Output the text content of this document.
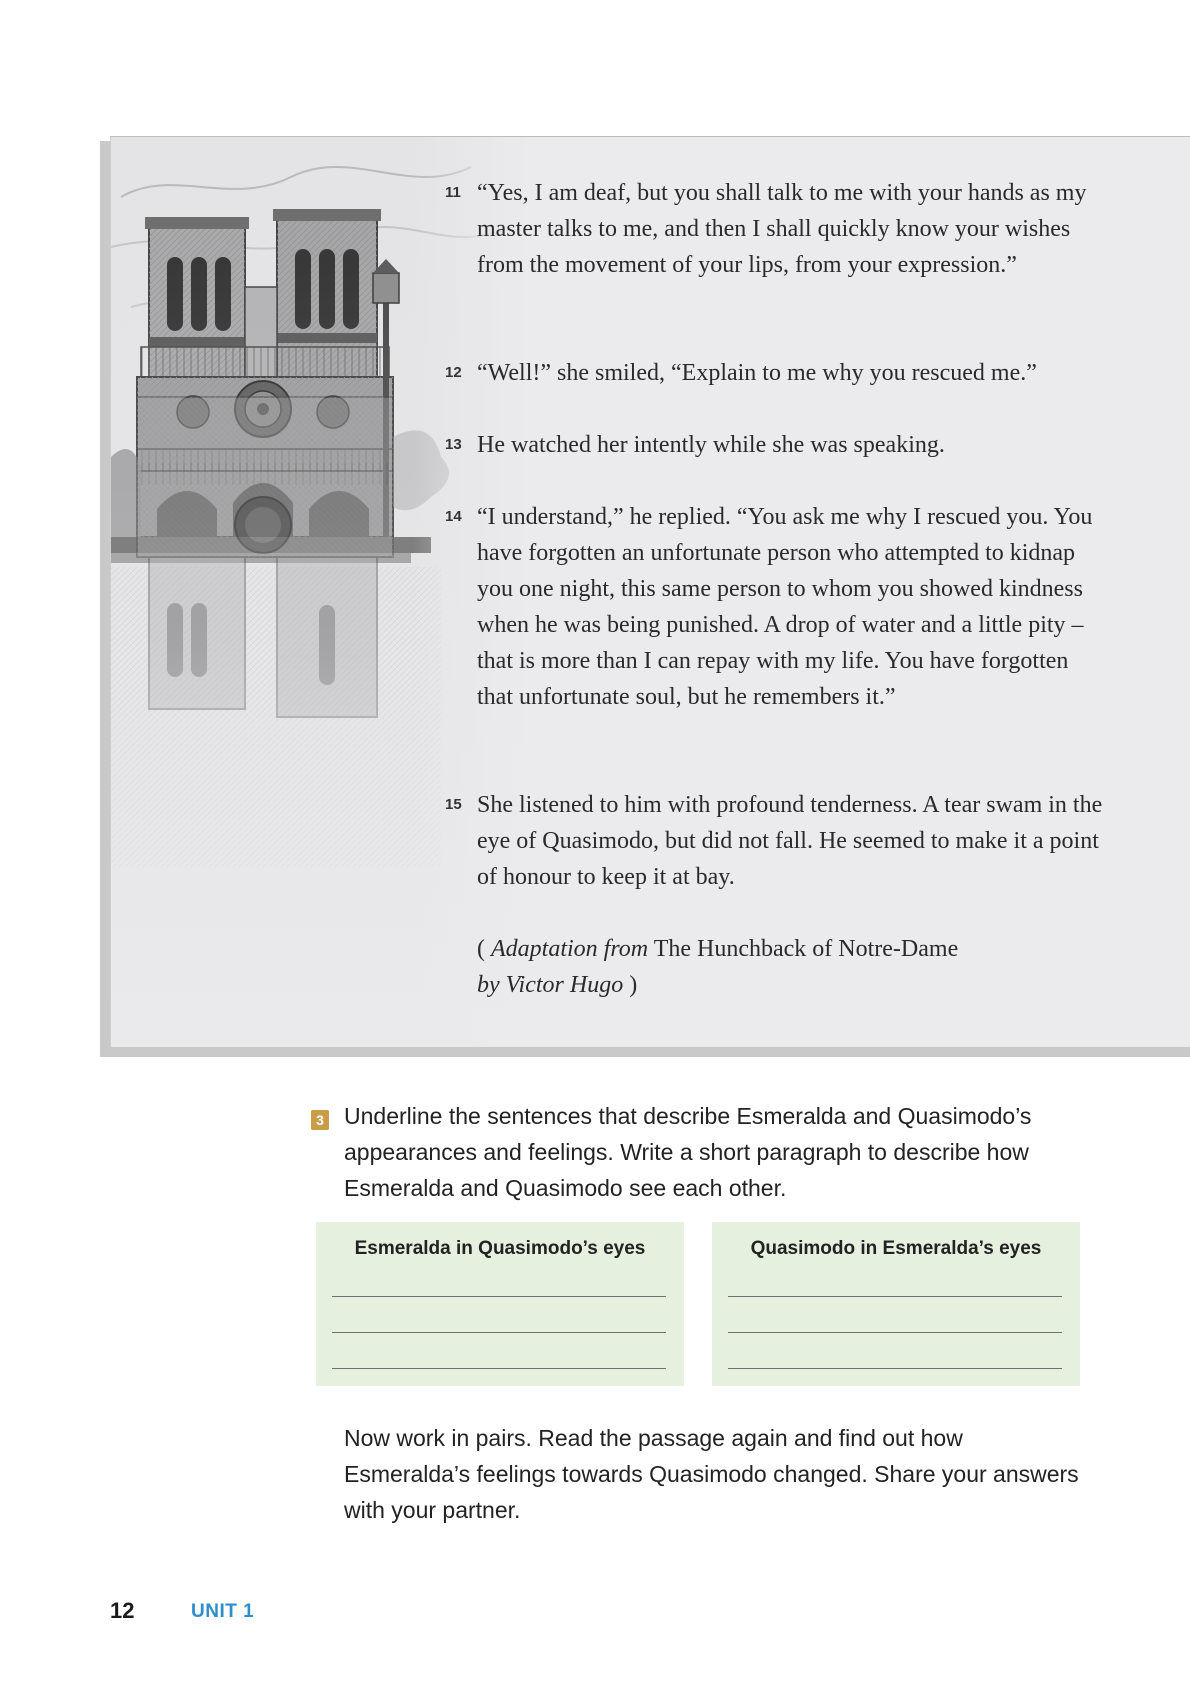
11 “Yes, I am deaf, but you shall talk to me with your hands as my master talks to me, and then I shall quickly know your wishes from the movement of your lips, from your expression.”
12 “Well!” she smiled, “Explain to me why you rescued me.”
13 He watched her intently while she was speaking.
14 “I understand,” he replied. “You ask me why I rescued you. You have forgotten an unfortunate person who attempted to kidnap you one night, this same person to whom you showed kindness when he was being punished. A drop of water and a little pity – that is more than I can repay with my life. You have forgotten that unfortunate soul, but he remembers it.”
15 She listened to him with profound tenderness. A tear swam in the eye of Quasimodo, but did not fall. He seemed to make it a point of honour to keep it at bay.
( Adaptation from The Hunchback of Notre-Dame
by Victor Hugo )
3 Underline the sentences that describe Esmeralda and Quasimodo’s appearances and feelings. Write a short paragraph to describe how Esmeralda and Quasimodo see each other.
Esmeralda in Quasimodo’s eyes	Quasimodo in Esmeralda’s eyes
Now work in pairs. Read the passage again and find out how Esmeralda’s feelings towards Quasimodo changed. Share your answers with your partner.
12	UNIT 1
